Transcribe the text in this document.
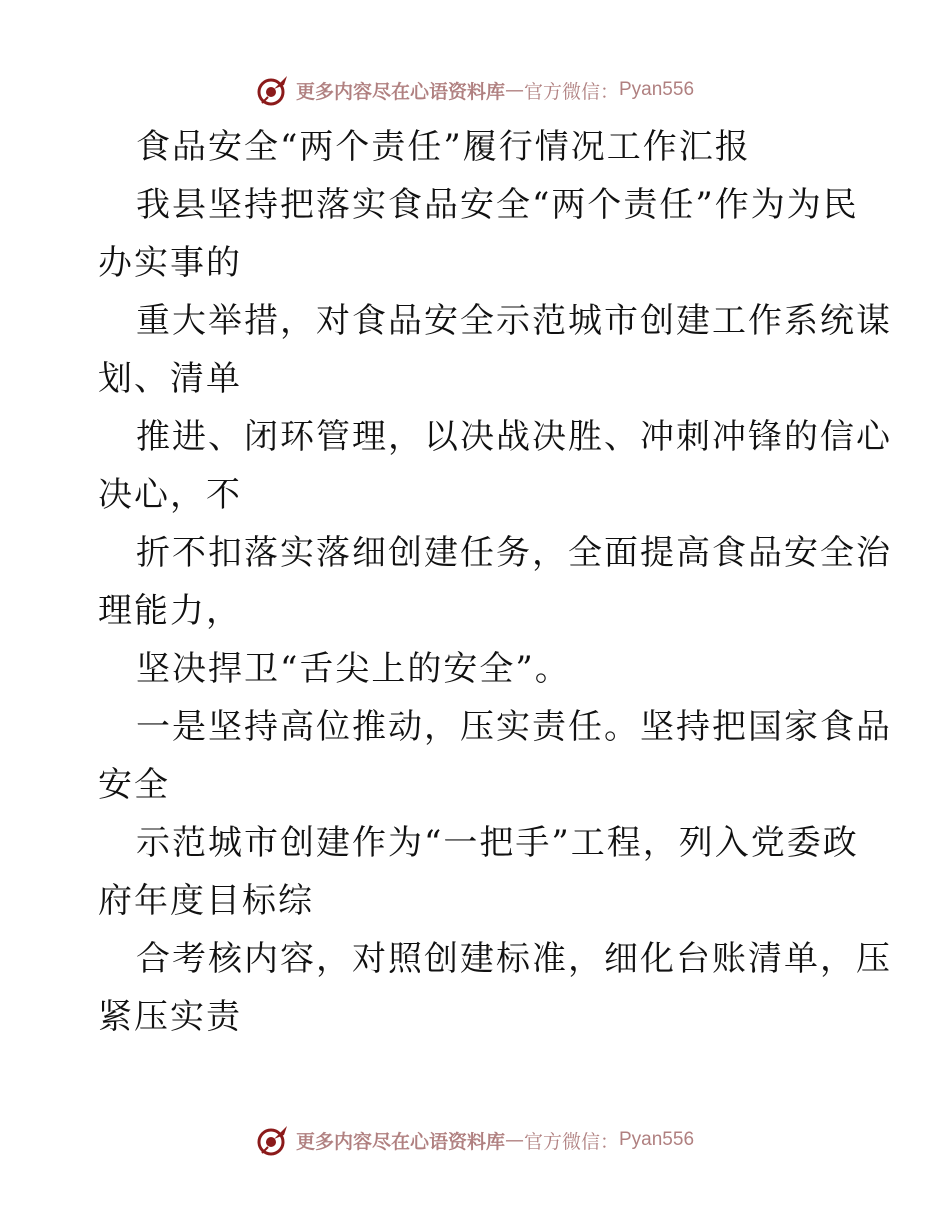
更多内容尽在心语资料库 — 官方微信： Pyan556
食品安全“两个责任”履行情况工作汇报
我县坚持把落实食品安全“两个责任”作为为民
办实事的
重大举措，对食品安全示范城市创建工作系统谋
划、清单
推进、闭环管理，以决战决胜、冲刺冲锋的信心
决心，不
折不扣落实落细创建任务，全面提高食品安全治
理能力，
坚决捍卫“舌尖上的安全”。
一是坚持高位推动，压实责任。坚持把国家食品
安全
示范城市创建作为“一把手”工程，列入党委政
府年度目标综
合考核内容，对照创建标准，细化台账清单，压
紧压实责
更多内容尽在心语资料库 — 官方微信： Pyan556
